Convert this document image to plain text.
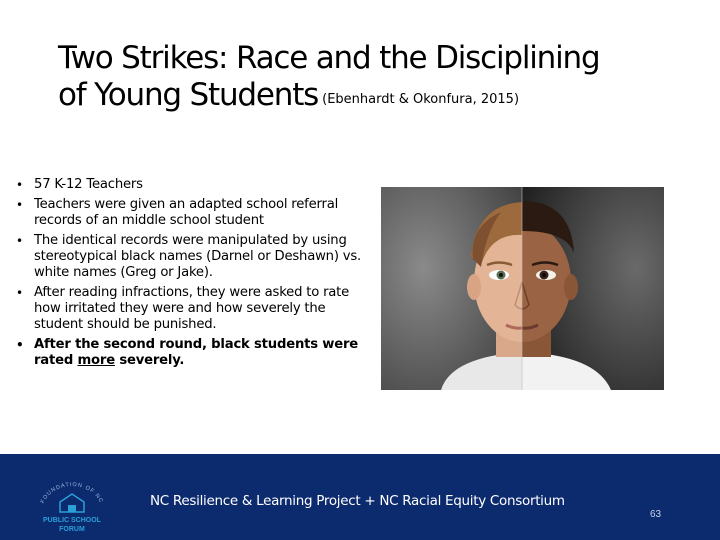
Two Strikes: Race and the Disciplining
of Young Students (Ebenhardt & Okonfura, 2015)
• 57 K-12 Teachers
• Teachers were given an adapted school referral records of an middle school student
• The identical records were manipulated by using stereotypical black names (Darnel or Deshawn) vs. white names (Greg or Jake).
• After reading infractions, they were asked to rate how irritated they were and how severely the student should be punished.
• After the second round, black students were rated more severely.
FOUNDATION OF NC
PUBLIC SCHOOL
FORUM
NC Resilience & Learning Project + NC Racial Equity Consortium
63
